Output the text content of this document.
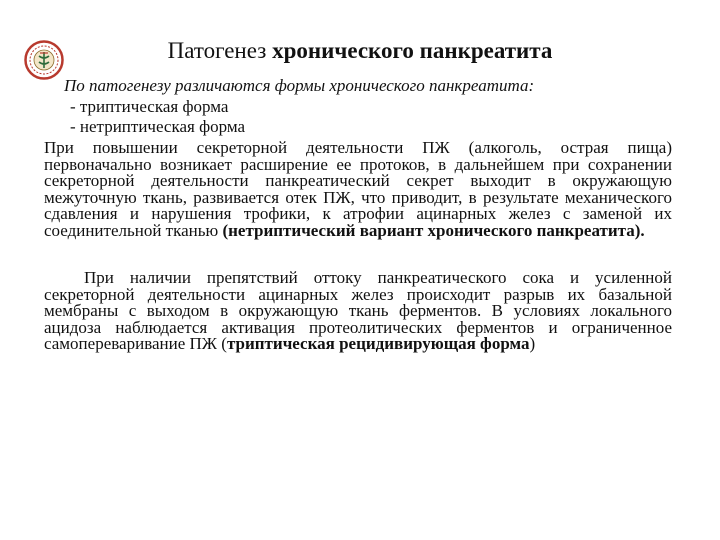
Патогенез хронического панкреатита
По патогенезу различаются формы хронического панкреатита:
- триптическая форма
- нетриптическая форма
При повышении секреторной деятельности ПЖ (алкоголь, острая пища) первоначально возникает расширение ее протоков, в дальнейшем при сохранении секреторной деятельности панкреатический секрет выходит в окружающую межуточную ткань, развивается отек ПЖ, что приводит, в результате механического сдавления и нарушения трофики, к атрофии ацинарных желез с заменой их соединительной тканью (нетриптический вариант хронического панкреатита).
При наличии препятствий оттоку панкреатического сока и усиленной секреторной деятельности ацинарных желез происходит разрыв их базальной мембраны с выходом в окружающую ткань ферментов. В условиях локального ацидоза наблюдается активация протеолитических ферментов и ограниченное самопереваривание ПЖ (триптическая рецидивирующая форма)
